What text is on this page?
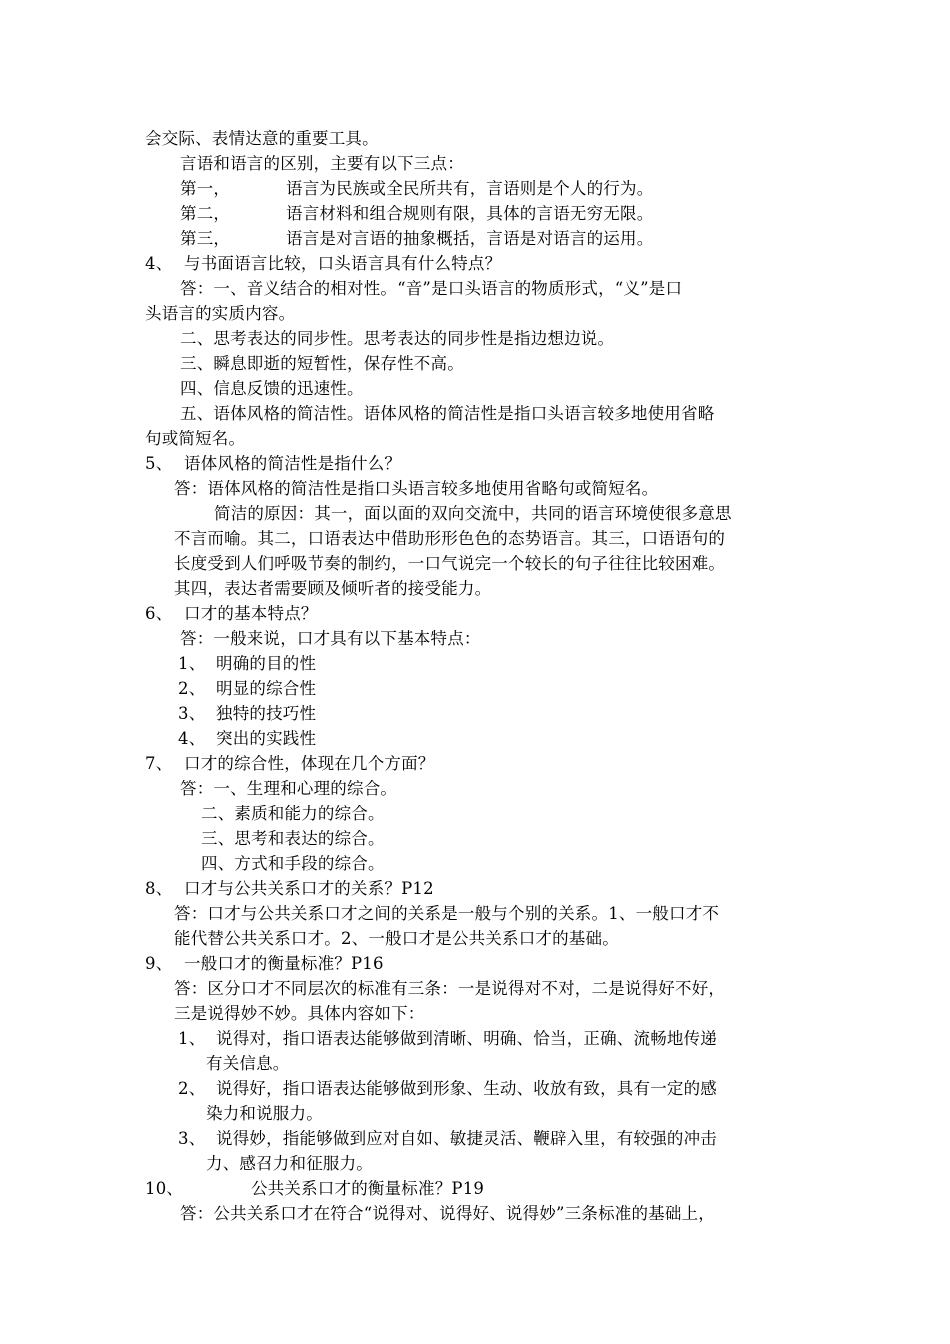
会交际、表情达意的重要工具。
言语和语言的区别，主要有以下三点：
第一，	语言为民族或全民所共有，言语则是个人的行为。
第二，	语言材料和组合规则有限，具体的言语无穷无限。
第三，	语言是对言语的抽象概括，言语是对语言的运用。
4、 与书面语言比较，口头语言具有什么特点？
答：一、音义结合的相对性。“音”是口头语言的物质形式，“义”是口
头语言的实质内容。
二、思考表达的同步性。思考表达的同步性是指边想边说。
三、瞬息即逝的短暂性，保存性不高。
四、信息反馈的迅速性。
五、语体风格的简洁性。语体风格的简洁性是指口头语言较多地使用省略
句或简短名。
5、 语体风格的简洁性是指什么？
答：语体风格的简洁性是指口头语言较多地使用省略句或简短名。
简洁的原因：其一，面以面的双向交流中，共同的语言环境使很多意思
不言而喻。其二，口语表达中借助形形色色的态势语言。其三，口语语句的
长度受到人们呼吸节奏的制约，一口气说完一个较长的句子往往比较困难。
其四，表达者需要顾及倾听者的接受能力。
6、 口才的基本特点？
答：一般来说，口才具有以下基本特点：
1、 明确的目的性
2、 明显的综合性
3、 独特的技巧性
4、 突出的实践性
7、 口才的综合性，体现在几个方面？
答：一、生理和心理的综合。
二、素质和能力的综合。
三、思考和表达的综合。
四、方式和手段的综合。
8、 口才与公共关系口才的关系？P12
答：口才与公共关系口才之间的关系是一般与个别的关系。1、一般口才不
能代替公共关系口才。2、一般口才是公共关系口才的基础。
9、 一般口才的衡量标准？P16
答：区分口才不同层次的标准有三条：一是说得对不对，二是说得好不好，
三是说得妙不妙。具体内容如下：
1、 说得对，指口语表达能够做到清晰、明确、恰当，正确、流畅地传递
有关信息。
2、 说得好，指口语表达能够做到形象、生动、收放有致，具有一定的感
染力和说服力。
3、 说得妙，指能够做到应对自如、敏捷灵活、鞭辟入里，有较强的冲击
力、感召力和征服力。
10、	公共关系口才的衡量标准？P19
答：公共关系口才在符合“说得对、说得好、说得妙”三条标准的基础上，
